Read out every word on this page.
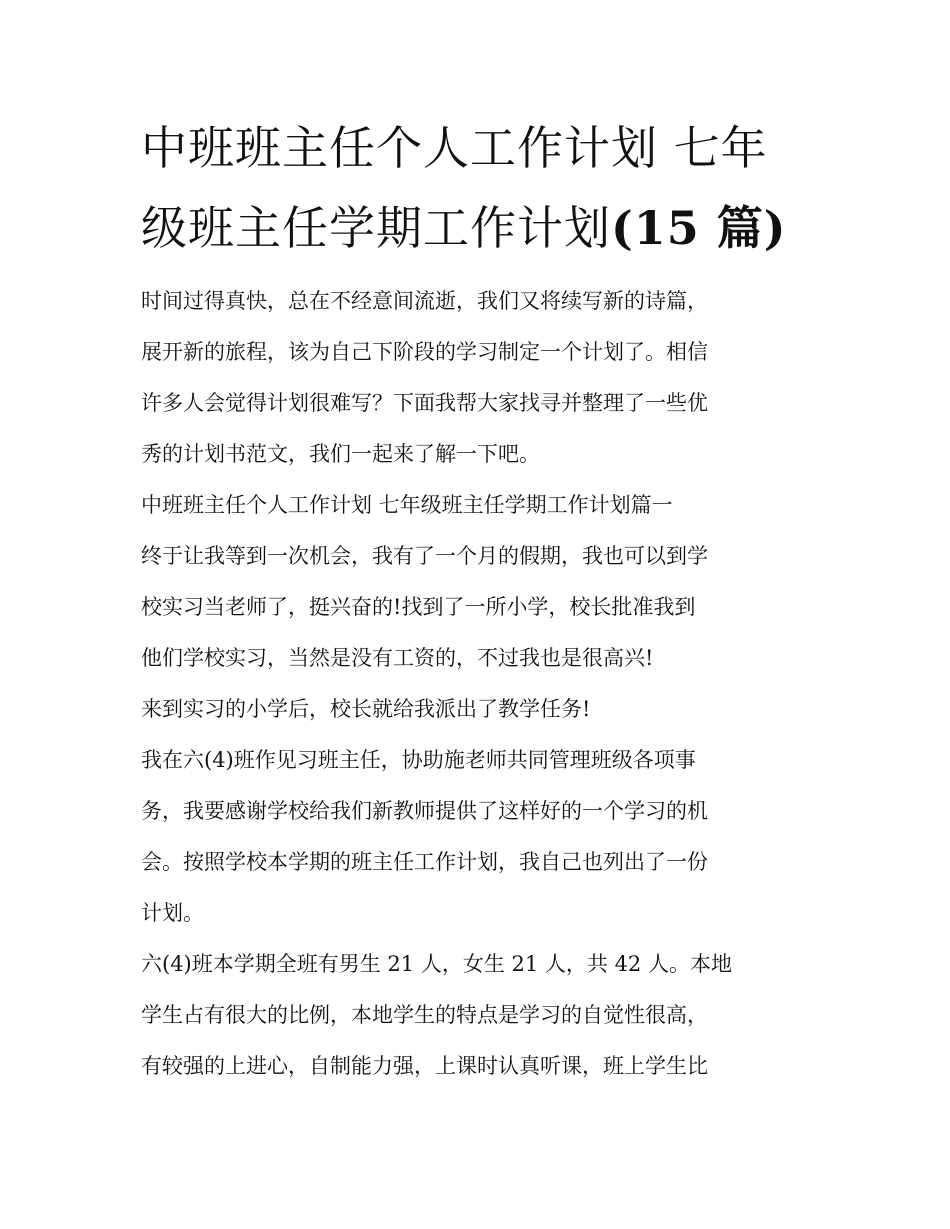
中班班主任个人工作计划 七年
级班主任学期工作计划(15 篇)
时间过得真快，总在不经意间流逝，我们又将续写新的诗篇，
展开新的旅程，该为自己下阶段的学习制定一个计划了。相信
许多人会觉得计划很难写？下面我帮大家找寻并整理了一些优
秀的计划书范文，我们一起来了解一下吧。
中班班主任个人工作计划 七年级班主任学期工作计划篇一
终于让我等到一次机会，我有了一个月的假期，我也可以到学
校实习当老师了，挺兴奋的!找到了一所小学，校长批准我到
他们学校实习，当然是没有工资的，不过我也是很高兴!
来到实习的小学后，校长就给我派出了教学任务!
我在六(4)班作见习班主任，协助施老师共同管理班级各项事
务，我要感谢学校给我们新教师提供了这样好的一个学习的机
会。按照学校本学期的班主任工作计划，我自己也列出了一份
计划。
六(4)班本学期全班有男生 21 人，女生 21 人，共 42 人。本地
学生占有很大的比例，本地学生的特点是学习的自觉性很高，
有较强的上进心，自制能力强，上课时认真听课，班上学生比
